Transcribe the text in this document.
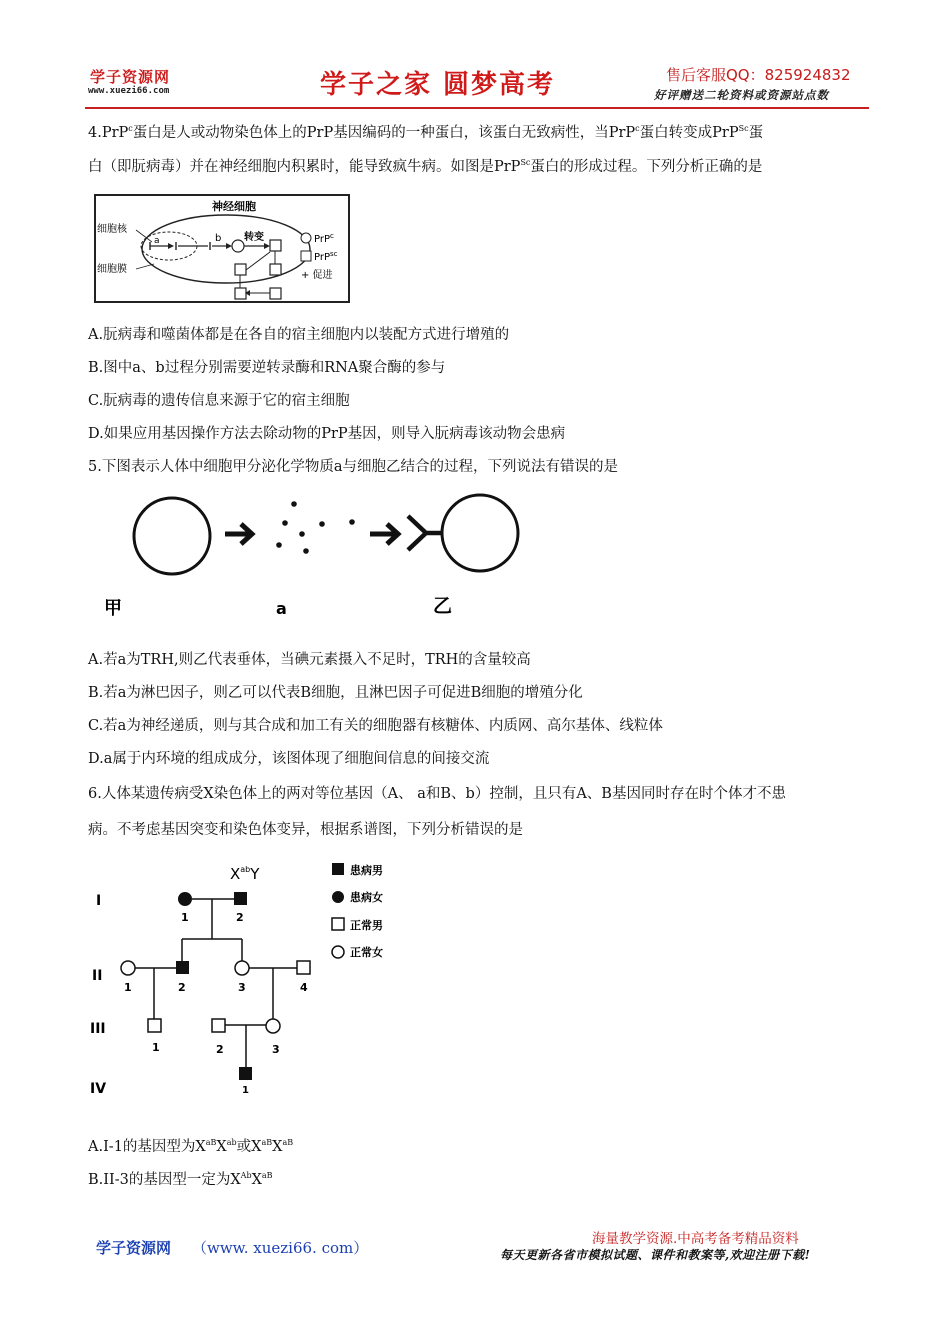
学子资源网
www.xuezi66.com	学子之家 圆梦高考	售后客服QQ：825924832
好评赠送二轮资料或资源站点数
4.PrP$^c$蛋白是人或动物染色体上的PrP基因编码的一种蛋白，该蛋白无致病性，当PrP$^c$蛋白转变成PrP$^{Sc}$蛋
白（即朊病毒）并在神经细胞内积累时，能导致疯牛病。如图是PrP$^{Sc}$蛋白的形成过程。下列分析正确的是
神经细胞
细胞核
细胞膜
a	b 转变	PrP$^c$
PrP$^{sc}$
+ 促进
A.朊病毒和噬菌体都是在各自的宿主细胞内以装配方式进行增殖的
B.图中a、b过程分别需要逆转录酶和RNA聚合酶的参与
C.朊病毒的遗传信息来源于它的宿主细胞
D.如果应用基因操作方法去除动物的PrP基因，则导入朊病毒该动物会患病
5.下图表示人体中细胞甲分泌化学物质a与细胞乙结合的过程，下列说法有错误的是
甲	a	乙
A.若a为TRH,则乙代表垂体，当碘元素摄入不足时，TRH的含量较高
B.若a为淋巴因子，则乙可以代表B细胞，且淋巴因子可促进B细胞的增殖分化
C.若a为神经递质，则与其合成和加工有关的细胞器有核糖体、内质网、高尔基体、线粒体
D.a属于内环境的组成成分，该图体现了细胞间信息的间接交流
6.人体某遗传病受X染色体上的两对等位基因（A、 a和B、b）控制，且只有A、B基因同时存在时个体才不患
病。不考虑基因突变和染色体变异，根据系谱图，下列分析错误的是
$X^{ab}Y$
I
II
III
IV
1	2
1	2	3	4
1	2	3
1
患病男
患病女
正常男
正常女
A.I-1的基因型为$X^{aB}X^{ab}$或$X^{aB}X^{aB}$
B.II-3的基因型一定为$X^{Ab}X^{aB}$
学子资源网 （www. xuezi66. com）	海量教学资源.中高考备考精品资料
每天更新各省市模拟试题、课件和教案等,欢迎注册下载!
